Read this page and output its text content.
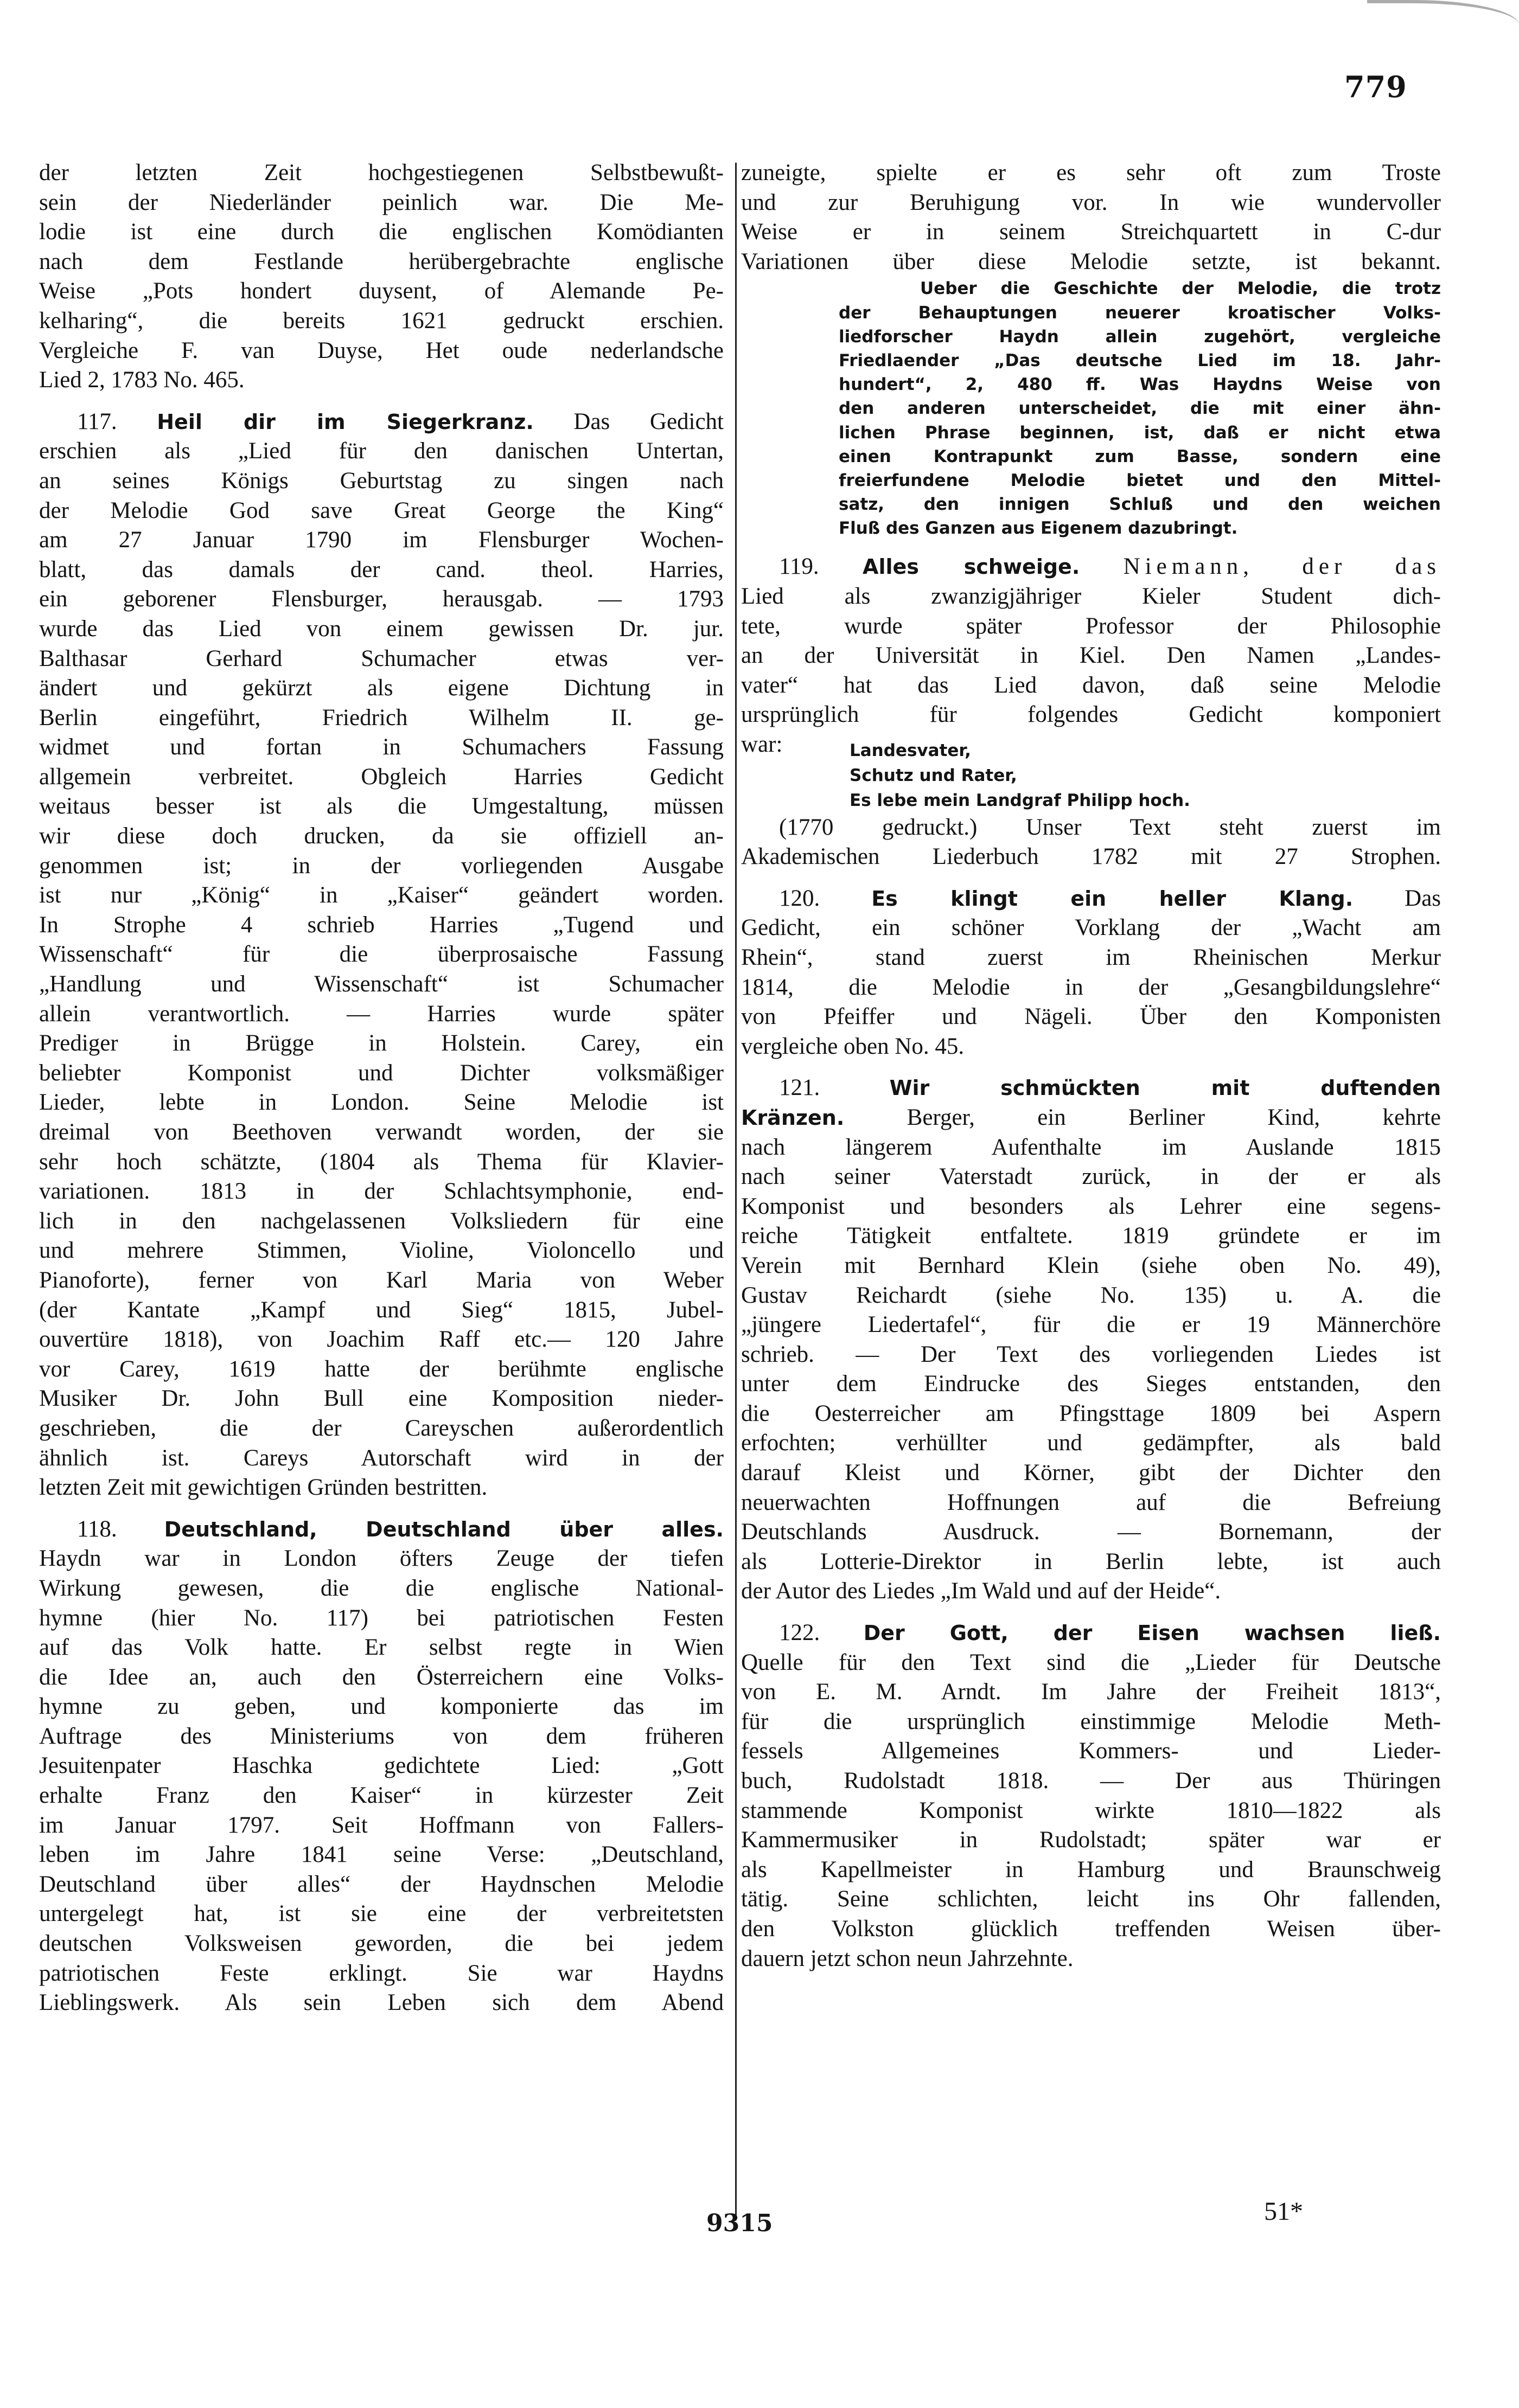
779
der letzten Zeit hochgestiegenen Selbstbewußt-
sein der Niederländer peinlich war. Die Me-
lodie ist eine durch die englischen Komödianten
nach dem Festlande herübergebrachte englische
Weise „Pots hondert duysent, of Alemande Pe-
kelharing“, die bereits 1621 gedruckt erschien.
Vergleiche F. van Duyse, Het oude nederlandsche
Lied 2, 1783 No. 465.
117. Heil dir im Siegerkranz. Das Gedicht
erschien als „Lied für den danischen Untertan,
an seines Königs Geburtstag zu singen nach
der Melodie God save Great George the King“
am 27 Januar 1790 im Flensburger Wochen-
blatt, das damals der cand. theol. Harries,
ein geborener Flensburger, herausgab. — 1793
wurde das Lied von einem gewissen Dr. jur.
Balthasar Gerhard Schumacher etwas ver-
ändert und gekürzt als eigene Dichtung in
Berlin eingeführt, Friedrich Wilhelm II. ge-
widmet und fortan in Schumachers Fassung
allgemein verbreitet. Obgleich Harries Gedicht
weitaus besser ist als die Umgestaltung, müssen
wir diese doch drucken, da sie offiziell an-
genommen ist; in der vorliegenden Ausgabe
ist nur „König“ in „Kaiser“ geändert worden.
In Strophe 4 schrieb Harries „Tugend und
Wissenschaft“ für die überprosaische Fassung
„Handlung und Wissenschaft“ ist Schumacher
allein verantwortlich. — Harries wurde später
Prediger in Brügge in Holstein. Carey, ein
beliebter Komponist und Dichter volksmäßiger
Lieder, lebte in London. Seine Melodie ist
dreimal von Beethoven verwandt worden, der sie
sehr hoch schätzte, (1804 als Thema für Klavier-
variationen. 1813 in der Schlachtsymphonie, end-
lich in den nachgelassenen Volksliedern für eine
und mehrere Stimmen, Violine, Violoncello und
Pianoforte), ferner von Karl Maria von Weber
(der Kantate „Kampf und Sieg“ 1815, Jubel-
ouvertüre 1818), von Joachim Raff etc.— 120 Jahre
vor Carey, 1619 hatte der berühmte englische
Musiker Dr. John Bull eine Komposition nieder-
geschrieben, die der Careyschen außerordentlich
ähnlich ist. Careys Autorschaft wird in der
letzten Zeit mit gewichtigen Gründen bestritten.
118. Deutschland, Deutschland über alles.
Haydn war in London öfters Zeuge der tiefen
Wirkung gewesen, die die englische National-
hymne (hier No. 117) bei patriotischen Festen
auf das Volk hatte. Er selbst regte in Wien
die Idee an, auch den Österreichern eine Volks-
hymne zu geben, und komponierte das im
Auftrage des Ministeriums von dem früheren
Jesuitenpater Haschka gedichtete Lied: „Gott
erhalte Franz den Kaiser“ in kürzester Zeit
im Januar 1797. Seit Hoffmann von Fallers-
leben im Jahre 1841 seine Verse: „Deutschland,
Deutschland über alles“ der Haydnschen Melodie
untergelegt hat, ist sie eine der verbreitetsten
deutschen Volksweisen geworden, die bei jedem
patriotischen Feste erklingt. Sie war Haydns
Lieblingswerk. Als sein Leben sich dem Abend
zuneigte, spielte er es sehr oft zum Troste
und zur Beruhigung vor. In wie wundervoller
Weise er in seinem Streichquartett in C-dur
Variationen über diese Melodie setzte, ist bekannt.
Ueber die Geschichte der Melodie, die trotz
der Behauptungen neuerer kroatischer Volks-
liedforscher Haydn allein zugehört, vergleiche
Friedlaender „Das deutsche Lied im 18. Jahr-
hundert“, 2, 480 ff. Was Haydns Weise von
den anderen unterscheidet, die mit einer ähn-
lichen Phrase beginnen, ist, daß er nicht etwa
einen Kontrapunkt zum Basse, sondern eine
freierfundene Melodie bietet und den Mittel-
satz, den innigen Schluß und den weichen
Fluß des Ganzen aus Eigenem dazubringt.
119. Alles schweige. Niemann, der das
Lied als zwanzigjähriger Kieler Student dich-
tete, wurde später Professor der Philosophie
an der Universität in Kiel. Den Namen „Landes-
vater“ hat das Lied davon, daß seine Melodie
ursprünglich für folgendes Gedicht komponiert
war:	Landesvater,
Schutz und Rater,
Es lebe mein Landgraf Philipp hoch.
(1770 gedruckt.) Unser Text steht zuerst im
Akademischen Liederbuch 1782 mit 27 Strophen.
120. Es klingt ein heller Klang. Das
Gedicht, ein schöner Vorklang der „Wacht am
Rhein“, stand zuerst im Rheinischen Merkur
1814, die Melodie in der „Gesangbildungslehre“
von Pfeiffer und Nägeli. Über den Komponisten
vergleiche oben No. 45.
121.	Wir schmückten mit duftenden
Kränzen.	Berger, ein Berliner Kind, kehrte
nach längerem Aufenthalte im Auslande 1815
nach seiner Vaterstadt zurück, in der er als
Komponist und besonders als Lehrer eine segens-
reiche Tätigkeit entfaltete. 1819 gründete er im
Verein mit Bernhard Klein (siehe oben No. 49),
Gustav Reichardt (siehe No. 135) u. A. die
„jüngere Liedertafel“, für die er 19 Männerchöre
schrieb. — Der Text des vorliegenden Liedes ist
unter dem Eindrucke des Sieges entstanden, den
die Oesterreicher am Pfingsttage 1809 bei Aspern
erfochten; verhüllter und gedämpfter, als bald
darauf Kleist und Körner, gibt der Dichter den
neuerwachten Hoffnungen auf die Befreiung
Deutschlands Ausdruck. — Bornemann, der
als Lotterie-Direktor in Berlin lebte, ist auch
der Autor des Liedes „Im Wald und auf der Heide“.
122. Der Gott, der Eisen wachsen ließ.
Quelle für den Text sind die „Lieder für Deutsche
von E. M. Arndt. Im Jahre der Freiheit 1813“,
für die ursprünglich einstimmige Melodie Meth-
fessels Allgemeines Kommers- und Lieder-
buch, Rudolstadt 1818. — Der aus Thüringen
stammende Komponist wirkte 1810—1822 als
Kammermusiker in Rudolstadt; später war er
als Kapellmeister in Hamburg und Braunschweig
tätig. Seine schlichten, leicht ins Ohr fallenden,
den Volkston glücklich treffenden Weisen über-
dauern jetzt schon neun Jahrzehnte.
9315	51*
